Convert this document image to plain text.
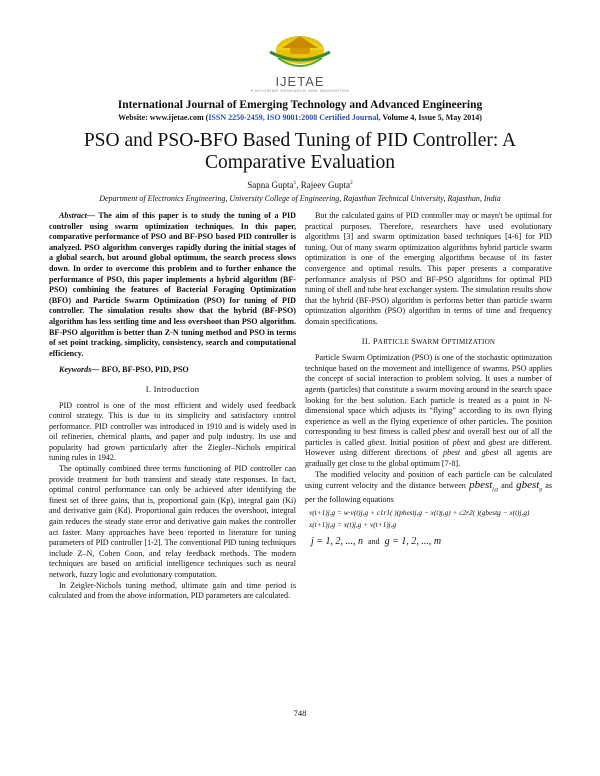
IJETAE
EXPLORING RESEARCH AND INNOVATION
International Journal of Emerging Technology and Advanced Engineering
Website: www.ijetae.com (ISSN 2250-2459, ISO 9001:2008 Certified Journal, Volume 4, Issue 5, May 2014)
PSO and PSO-BFO Based Tuning of PID Controller: A Comparative Evaluation
Sapna Gupta$^1$, Rajeev Gupta$^2$
Department of Electronics Engineering, University College of Engineering, Rajasthan Technical University, Rajasthan, India

Abstract— The aim of this paper is to study the tuning of a PID controller using swarm optimization techniques. In this paper, comparative performance of PSO and BF-PSO based PID controller is analyzed. PSO algorithm converges rapidly during the initial stages of a global search, but around global optimum, the search process slows down. In order to overcome this problem and to further enhance the performance of PSO, this paper implements a hybrid algorithm (BF-PSO) combining the features of Bacterial Foraging Optimization (BFO) and Particle Swarm Optimization (PSO) for tuning of PID controller. The simulation results show that the hybrid (BF-PSO) algorithm has less settling time and less overshoot than PSO algorithm. BF-PSO algorithm is better than Z-N tuning method and PSO in terms of set point tracking, simplicity, consistency, search and computational efficiency.

Keywords— BFO, BF-PSO, PID, PSO

I. Introduction

PID control is one of the most efficient and widely used feedback control strategy. This is due to its simplicity and satisfactory control performance. PID controller was introduced in 1910 and is widely used in oil refineries, chemical plants, and paper and pulp industry. Its use and popularity had grown particularly after the Ziegler–Nichols empirical tuning rules in 1942.

The optimally combined three terms functioning of PID controller can provide treatment for both transient and steady state responses. In fact, optimal control performance can only be achieved after identifying the finest set of three gains, that is, proportional gain (Kp), integral gain (Ki) and derivative gain (Kd). Proportional gain reduces the overshoot, integral gain reduces the steady state error and derivative gain makes the controller act faster. Many approaches have been reported in literature for tuning parameters of PID controller [1-2]. The conventional PID tuning techniques include Z–N, Cohen Coon, and relay feedback methods. The modern techniques are based on artificial intelligence techniques such as neural network, fuzzy logic and evolutionary computation.

In Zeigler-Nichols tuning method, ultimate gain and time period is calculated and from the above information, PID parameters are calculated.

But the calculated gains of PID controller may or mayn't be optimal for practical purposes. Therefore, researchers have used evolutionary algorithms [3] and swarm optimization based techniques [4-6] for PID tuning. Out of many swarm optimization algorithms hybrid particle swarm optimization is one of the emerging algorithms because of its faster convergence and optimal results. This paper presents a comparative performance analysis of PSO and BF-PSO algorithms for optimal PID tuning of shell and tube heat exchanger system. The simulation results show that the hybrid (BF-PSO) algorithm is performs better than particle swarm optimization algorithm (PSO) algorithm in terms of time and frequency domain specifications.

II. PARTICLE SWARM OPTIMIZATION

Particle Swarm Optimization (PSO) is one of the stochastic optimization technique based on the movement and intelligence of swarms. PSO applies the concept of social interaction to problem solving. It uses a number of agents (particles) that constitute a swarm moving around in the search space looking for the best solution. Each particle is treated as a point in N-dimensional space which adjusts its “flying” according to its own flying experience as well as the flying experience of other particles. The position corresponding to best fitness is called pbest and overall best out of all the particles is called gbest. Initial position of pbest and gbest are different. However using different directions of pbest and gbest all agents are gradually get close to the global optimum [7-8].

The modified velocity and position of each particle can be calculated using current velocity and the distance between pbest$_{j,g}$ and gbest$_g$ as per the following equations

v(t+1)j,g = w·v(t)j,g + c1r1( )(pbestj,g − x(t)j,g) + c2r2( )(gbestg − x(t)j,g)
x(t+1)j,g = x(t)j,g + v(t+1)j,g
j = 1, 2, ..., n and g = 1, 2, ..., m
748
